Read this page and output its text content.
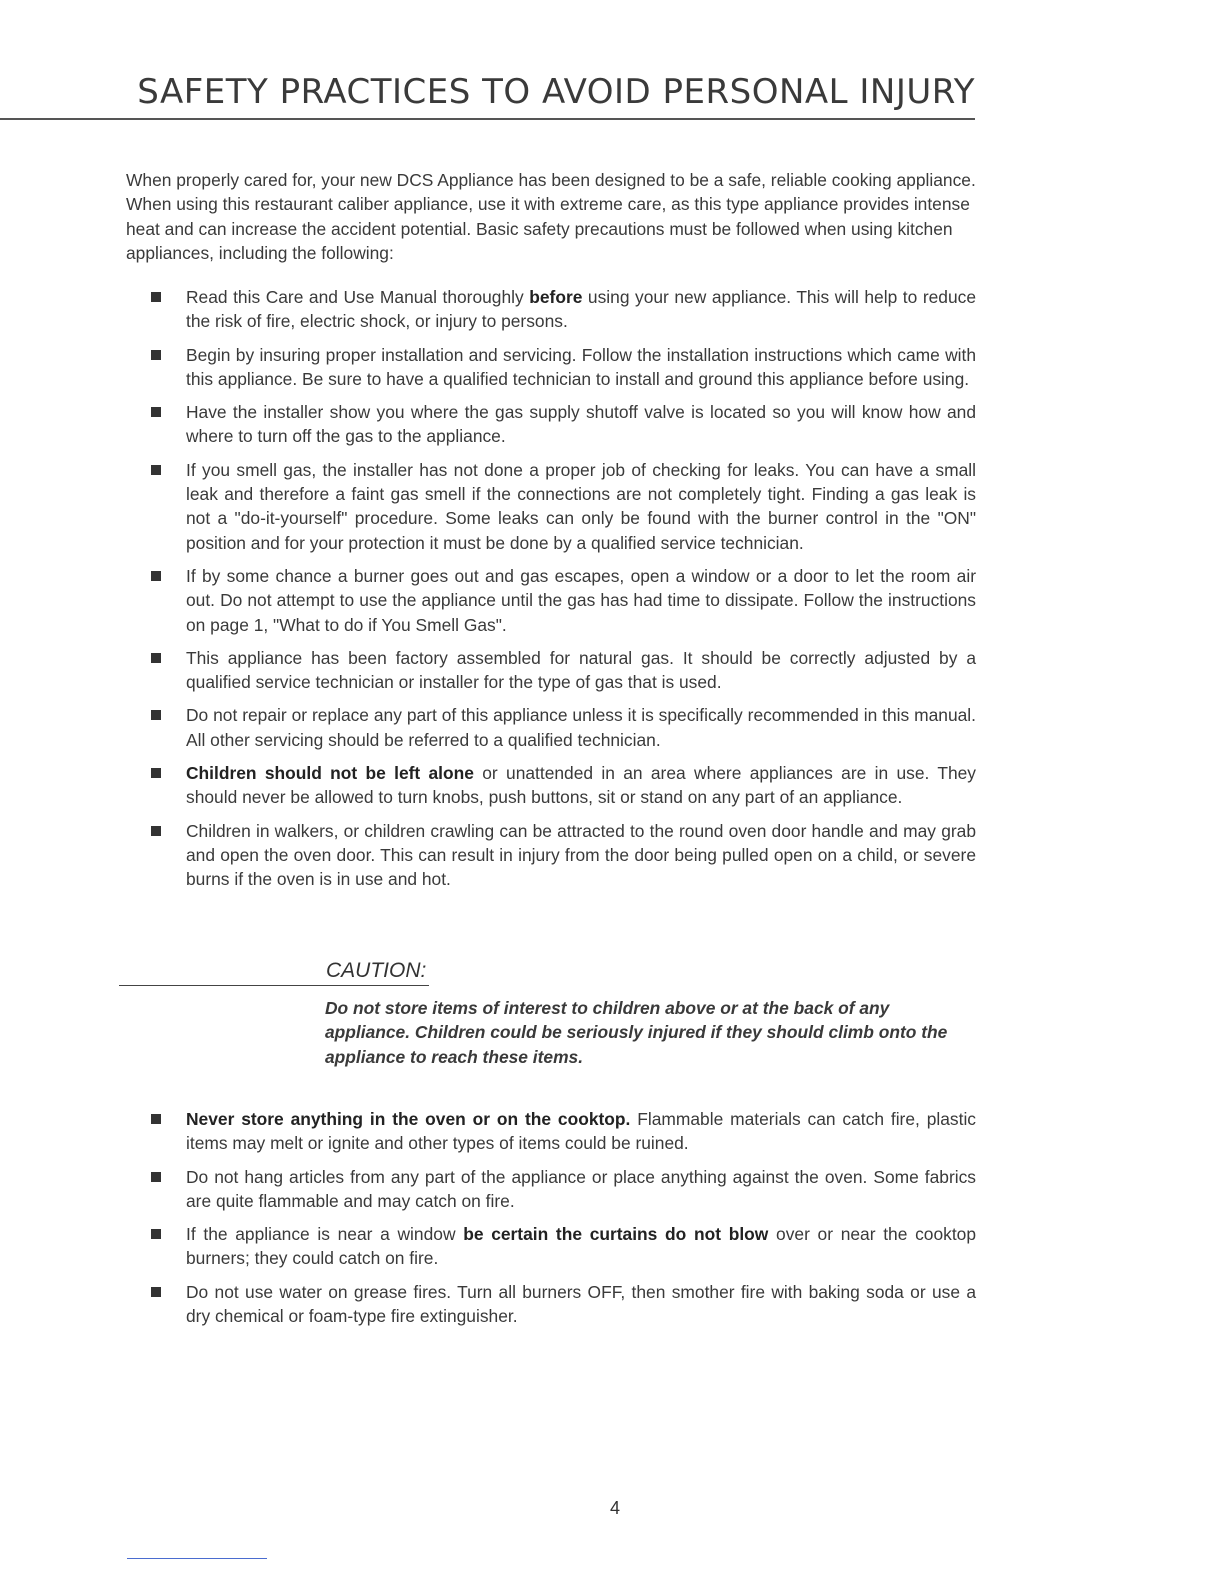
SAFETY PRACTICES TO AVOID PERSONAL INJURY

When properly cared for, your new DCS Appliance has been designed to be a safe, reliable cooking appliance. When using this restaurant caliber appliance, use it with extreme care, as this type appliance provides intense heat and can increase the accident potential. Basic safety precautions must be followed when using kitchen appliances, including the following:

Read this Care and Use Manual thoroughly before using your new appliance. This will help to reduce the risk of fire, electric shock, or injury to persons.
Begin by insuring proper installation and servicing. Follow the installation instructions which came with this appliance. Be sure to have a qualified technician to install and ground this appliance before using.
Have the installer show you where the gas supply shutoff valve is located so you will know how and where to turn off the gas to the appliance.
If you smell gas, the installer has not done a proper job of checking for leaks. You can have a small leak and therefore a faint gas smell if the connections are not completely tight. Finding a gas leak is not a "do-it-yourself" procedure. Some leaks can only be found with the burner control in the "ON" position and for your protection it must be done by a qualified service technician.
If by some chance a burner goes out and gas escapes, open a window or a door to let the room air out. Do not attempt to use the appliance until the gas has had time to dissipate. Follow the instructions on page 1, "What to do if You Smell Gas".
This appliance has been factory assembled for natural gas. It should be correctly adjusted by a qualified service technician or installer for the type of gas that is used.
Do not repair or replace any part of this appliance unless it is specifically recommended in this manual. All other servicing should be referred to a qualified technician.
Children should not be left alone or unattended in an area where appliances are in use. They should never be allowed to turn knobs, push buttons, sit or stand on any part of an appliance.
Children in walkers, or children crawling can be attracted to the round oven door handle and may grab and open the oven door. This can result in injury from the door being pulled open on a child, or severe burns if the oven is in use and hot.

CAUTION:

Do not store items of interest to children above or at the back of any appliance. Children could be seriously injured if they should climb onto the appliance to reach these items.

Never store anything in the oven or on the cooktop. Flammable materials can catch fire, plastic items may melt or ignite and other types of items could be ruined.
Do not hang articles from any part of the appliance or place anything against the oven. Some fabrics are quite flammable and may catch on fire.
If the appliance is near a window be certain the curtains do not blow over or near the cooktop burners; they could catch on fire.
Do not use water on grease fires. Turn all burners OFF, then smother fire with baking soda or use a dry chemical or foam-type fire extinguisher.
4
